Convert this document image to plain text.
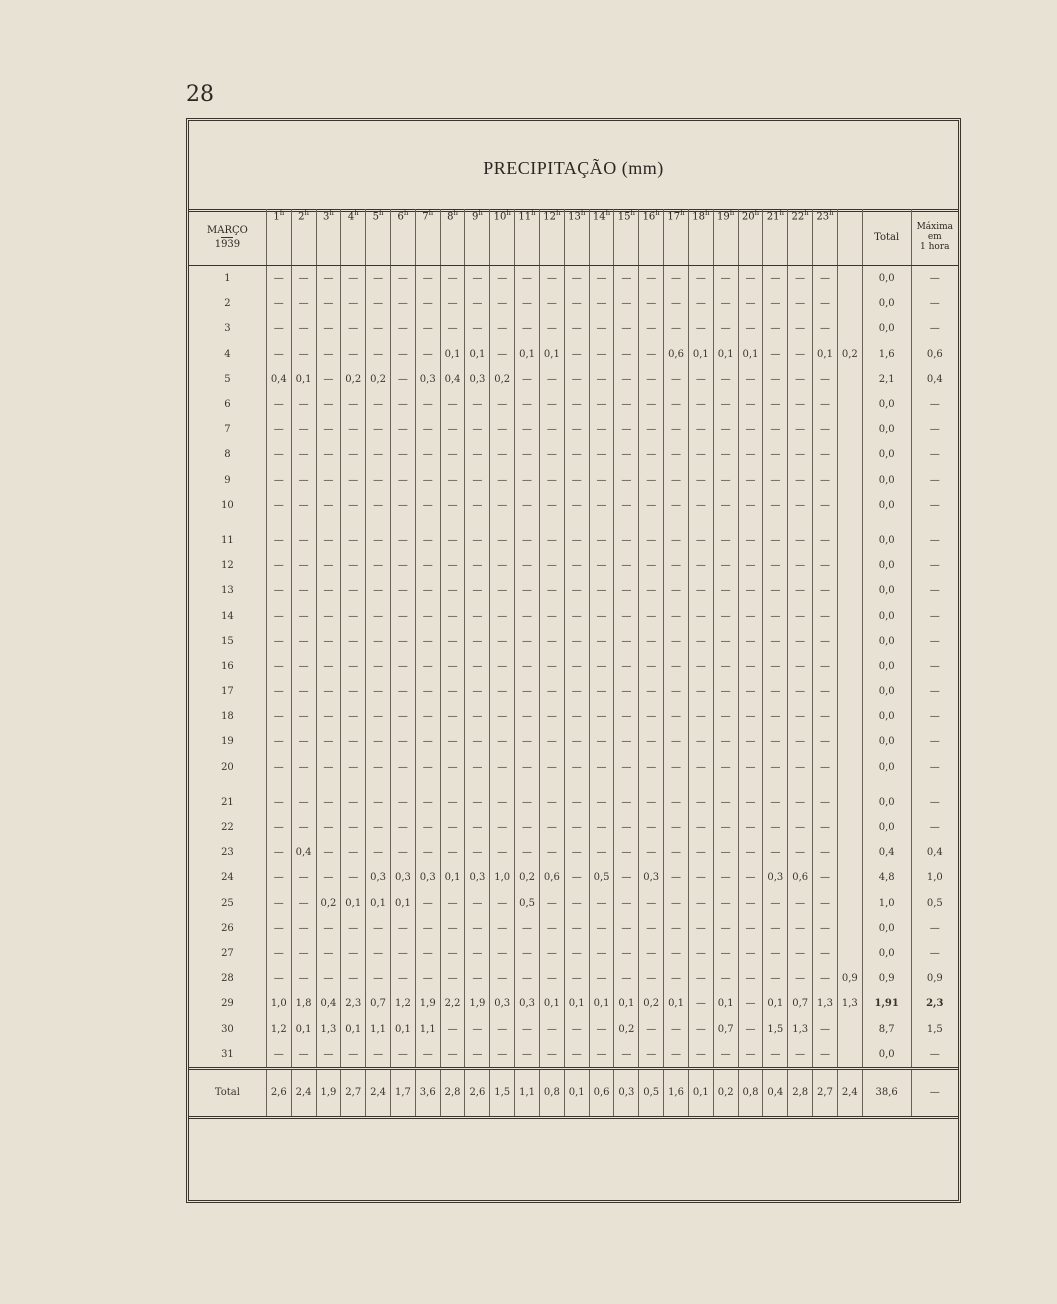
28
PRECIPITAÇÃO (mm)
MARÇO
1939	1$^h$	2$^h$	3$^h$	4$^h$	5$^h$	6$^h$	7$^h$	8$^h$	9$^h$	10$^h$	11$^h$	12$^h$	13$^h$	14$^h$	15$^h$	16$^h$	17$^h$	18$^h$	19$^h$	20$^h$	21$^h$	22$^h$	23$^h$		Total	Máxima
em
1 hora

1	—	—	—	—	—	—	—	—	—	—	—	—	—	—	—	—	—	—	—	—	—	—	—		0,0	—
2	—	—	—	—	—	—	—	—	—	—	—	—	—	—	—	—	—	—	—	—	—	—	—		0,0	—
3	—	—	—	—	—	—	—	—	—	—	—	—	—	—	—	—	—	—	—	—	—	—	—		0,0	—
4	—	—	—	—	—	—	—	0,1	0,1	—	0,1	0,1	—	—	—	—	0,6	0,1	0,1	0,1	—	—	0,1	0,2	1,6	0,6
5	0,4	0,1	—	0,2	0,2	—	0,3	0,4	0,3	0,2	—	—	—	—	—	—	—	—	—	—	—	—	—		2,1	0,4
6	—	—	—	—	—	—	—	—	—	—	—	—	—	—	—	—	—	—	—	—	—	—	—		0,0	—
7	—	—	—	—	—	—	—	—	—	—	—	—	—	—	—	—	—	—	—	—	—	—	—		0,0	—
8	—	—	—	—	—	—	—	—	—	—	—	—	—	—	—	—	—	—	—	—	—	—	—		0,0	—
9	—	—	—	—	—	—	—	—	—	—	—	—	—	—	—	—	—	—	—	—	—	—	—		0,0	—
10	—	—	—	—	—	—	—	—	—	—	—	—	—	—	—	—	—	—	—	—	—	—	—		0,0	—

11	—	—	—	—	—	—	—	—	—	—	—	—	—	—	—	—	—	—	—	—	—	—	—		0,0	—
12	—	—	—	—	—	—	—	—	—	—	—	—	—	—	—	—	—	—	—	—	—	—	—		0,0	—
13	—	—	—	—	—	—	—	—	—	—	—	—	—	—	—	—	—	—	—	—	—	—	—		0,0	—
14	—	—	—	—	—	—	—	—	—	—	—	—	—	—	—	—	—	—	—	—	—	—	—		0,0	—
15	—	—	—	—	—	—	—	—	—	—	—	—	—	—	—	—	—	—	—	—	—	—	—		0,0	—
16	—	—	—	—	—	—	—	—	—	—	—	—	—	—	—	—	—	—	—	—	—	—	—		0,0	—
17	—	—	—	—	—	—	—	—	—	—	—	—	—	—	—	—	—	—	—	—	—	—	—		0,0	—
18	—	—	—	—	—	—	—	—	—	—	—	—	—	—	—	—	—	—	—	—	—	—	—		0,0	—
19	—	—	—	—	—	—	—	—	—	—	—	—	—	—	—	—	—	—	—	—	—	—	—		0,0	—
20	—	—	—	—	—	—	—	—	—	—	—	—	—	—	—	—	—	—	—	—	—	—	—		0,0	—

21	—	—	—	—	—	—	—	—	—	—	—	—	—	—	—	—	—	—	—	—	—	—	—		0,0	—
22	—	—	—	—	—	—	—	—	—	—	—	—	—	—	—	—	—	—	—	—	—	—	—		0,0	—
23	—	0,4	—	—	—	—	—	—	—	—	—	—	—	—	—	—	—	—	—	—	—	—	—		0,4	0,4
24	—	—	—	—	0,3	0,3	0,3	0,1	0,3	1,0	0,2	0,6	—	0,5	—	0,3	—	—	—	—	0,3	0,6	—		4,8	1,0
25	—	—	0,2	0,1	0,1	0,1	—	—	—	—	0,5	—	—	—	—	—	—	—	—	—	—	—	—		1,0	0,5
26	—	—	—	—	—	—	—	—	—	—	—	—	—	—	—	—	—	—	—	—	—	—	—		0,0	—
27	—	—	—	—	—	—	—	—	—	—	—	—	—	—	—	—	—	—	—	—	—	—	—		0,0	—
28	—	—	—	—	—	—	—	—	—	—	—	—	—	—	—	—	—	—	—	—	—	—	—	0,9	0,9	0,9
29	1,0	1,8	0,4	2,3	0,7	1,2	1,9	2,2	1,9	0,3	0,3	0,1	0,1	0,1	0,1	0,2	0,1	—	0,1	—	0,1	0,7	1,3	1,3	1,91	2,3
30	1,2	0,1	1,3	0,1	1,1	0,1	1,1	—	—	—	—	—	—	—	0,2	—	—	—	0,7	—	1,5	1,3	—		8,7	1,5
31	—	—	—	—	—	—	—	—	—	—	—	—	—	—	—	—	—	—	—	—	—	—	—		0,0	—
Total	2,6	2,4	1,9	2,7	2,4	1,7	3,6	2,8	2,6	1,5	1,1	0,8	0,1	0,6	0,3	0,5	1,6	0,1	0,2	0,8	0,4	2,8	2,7	2,4	38,6	—
